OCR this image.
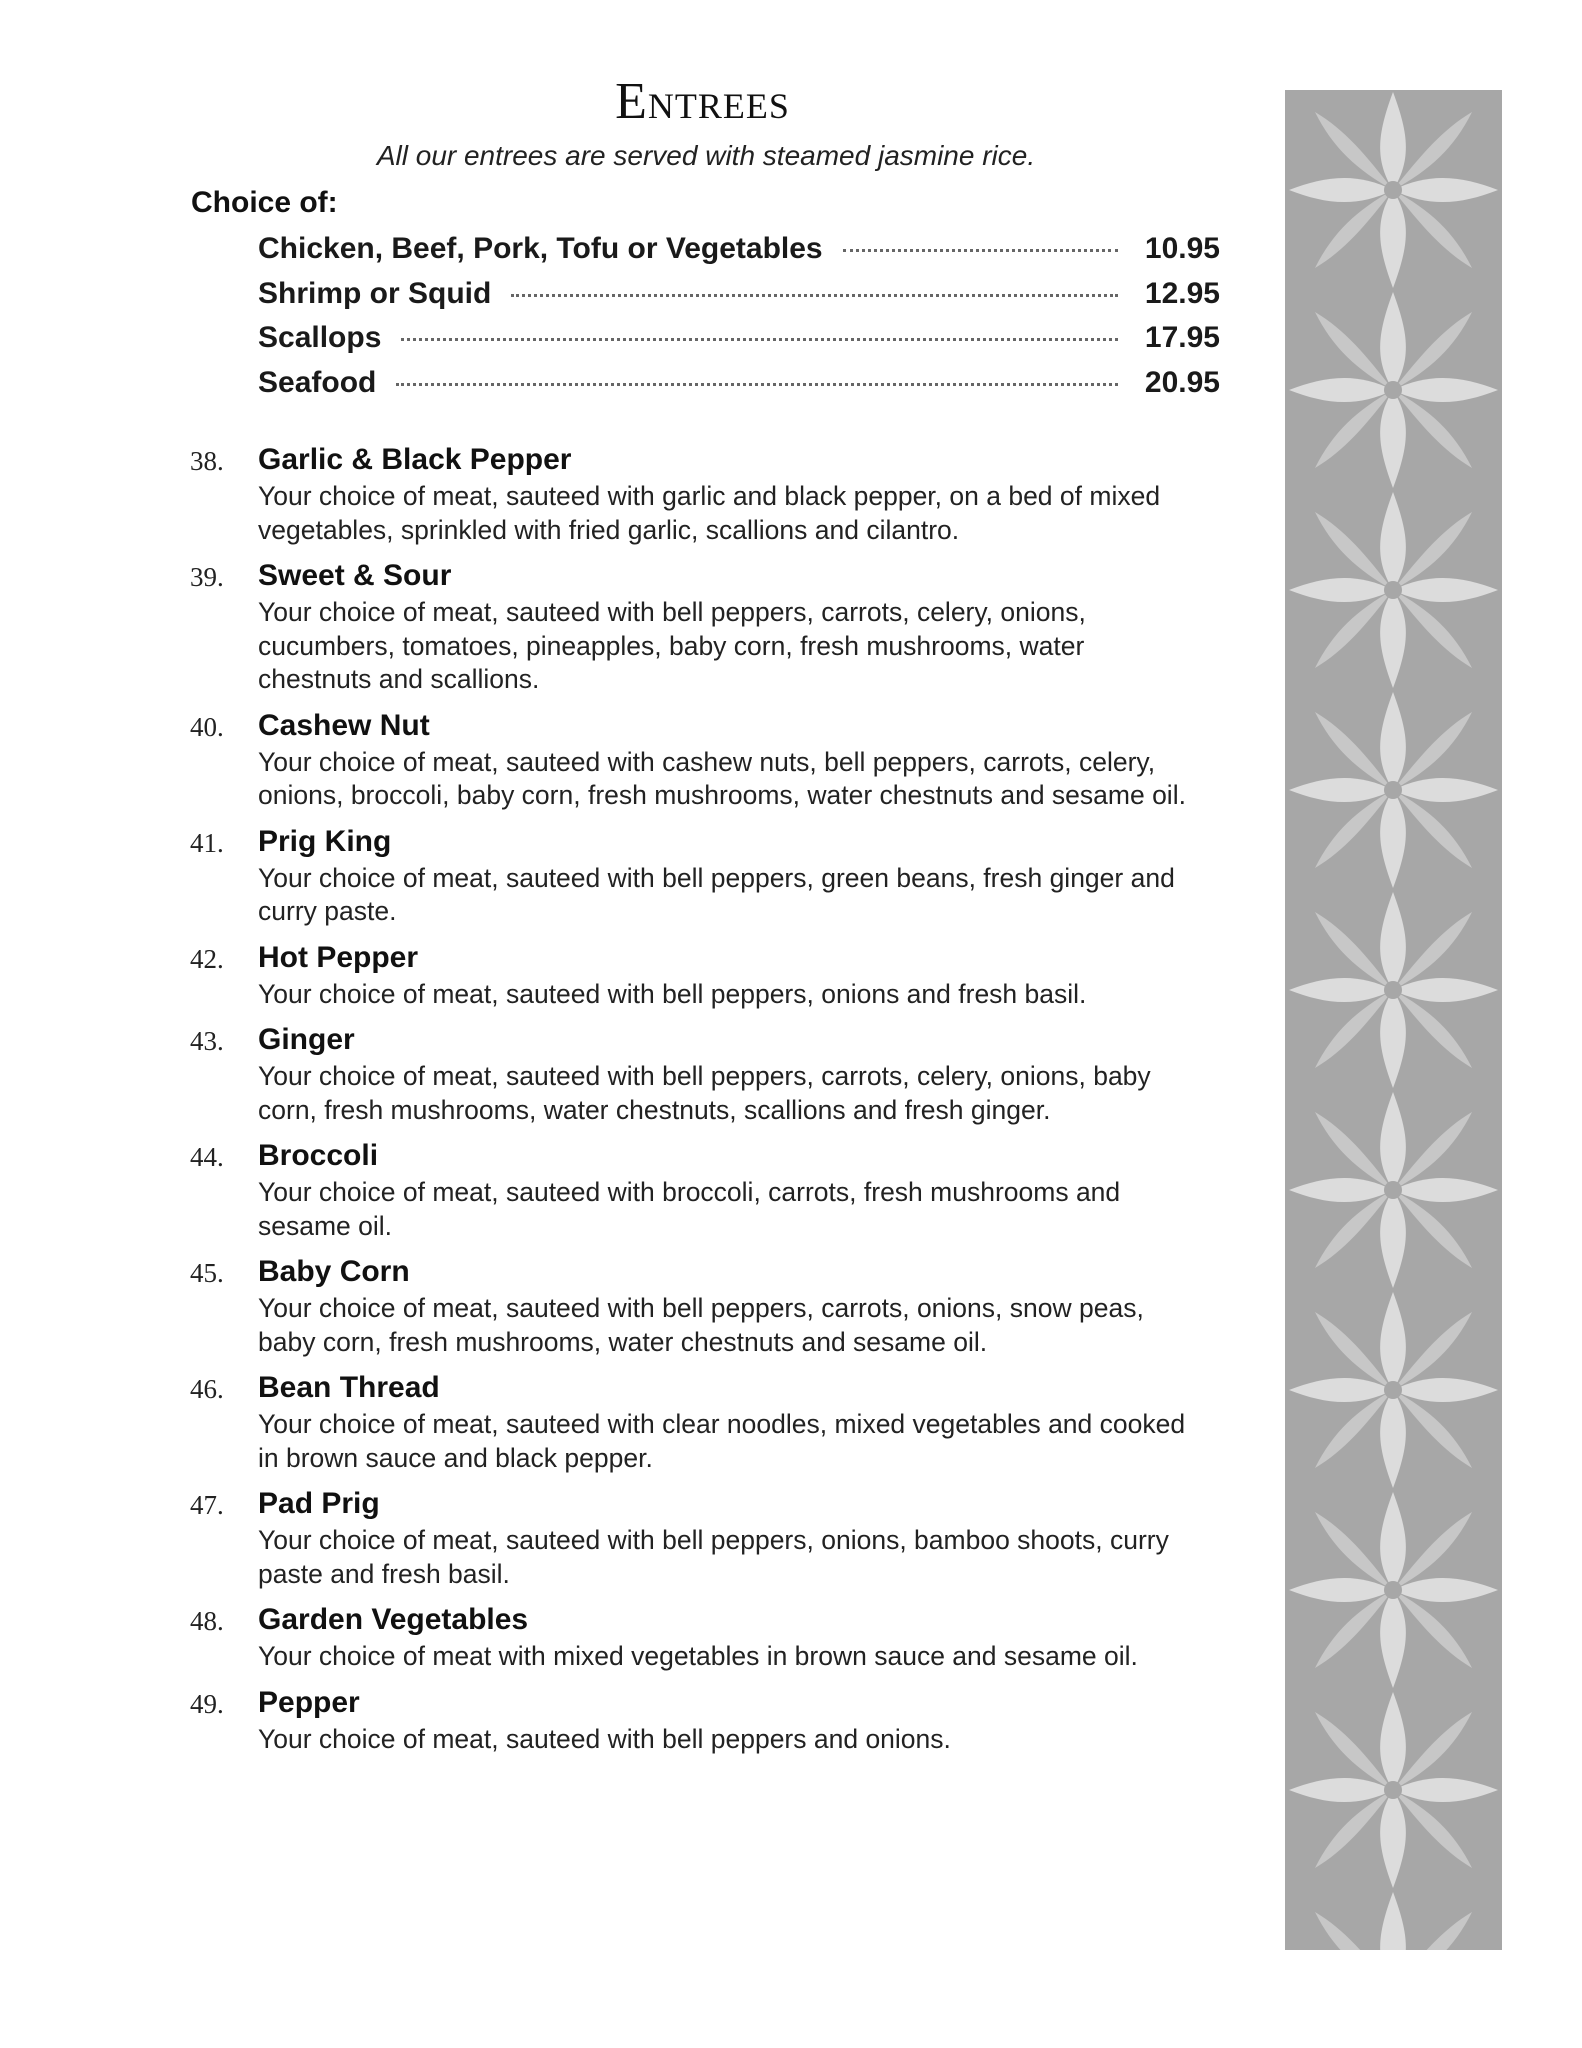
Entrees
All our entrees are served with steamed jasmine rice.
Choice of:
Chicken, Beef, Pork, Tofu or Vegetables	10.95
Shrimp or Squid	12.95
Scallops	17.95
Seafood	20.95
38.	Garlic & Black Pepper
Your choice of meat, sauteed with garlic and black pepper, on a bed of mixed vegetables, sprinkled with fried garlic, scallions and cilantro.
39.	Sweet & Sour
Your choice of meat, sauteed with bell peppers, carrots, celery, onions, cucumbers, tomatoes, pineapples, baby corn, fresh mushrooms, water chestnuts and scallions.
40.	Cashew Nut
Your choice of meat, sauteed with cashew nuts, bell peppers, carrots, celery, onions, broccoli, baby corn, fresh mushrooms, water chestnuts and sesame oil.
41.	Prig King
Your choice of meat, sauteed with bell peppers, green beans, fresh ginger and curry paste.
42.	Hot Pepper
Your choice of meat, sauteed with bell peppers, onions and fresh basil.
43.	Ginger
Your choice of meat, sauteed with bell peppers, carrots, celery, onions, baby corn, fresh mushrooms, water chestnuts, scallions and fresh ginger.
44.	Broccoli
Your choice of meat, sauteed with broccoli, carrots, fresh mushrooms and sesame oil.
45.	Baby Corn
Your choice of meat, sauteed with bell peppers, carrots, onions, snow peas, baby corn, fresh mushrooms, water chestnuts and sesame oil.
46.	Bean Thread
Your choice of meat, sauteed with clear noodles, mixed vegetables and cooked in brown sauce and black pepper.
47.	Pad Prig
Your choice of meat, sauteed with bell peppers, onions, bamboo shoots, curry paste and fresh basil.
48.	Garden Vegetables
Your choice of meat with mixed vegetables in brown sauce and sesame oil.
49.	Pepper
Your choice of meat, sauteed with bell peppers and onions.
